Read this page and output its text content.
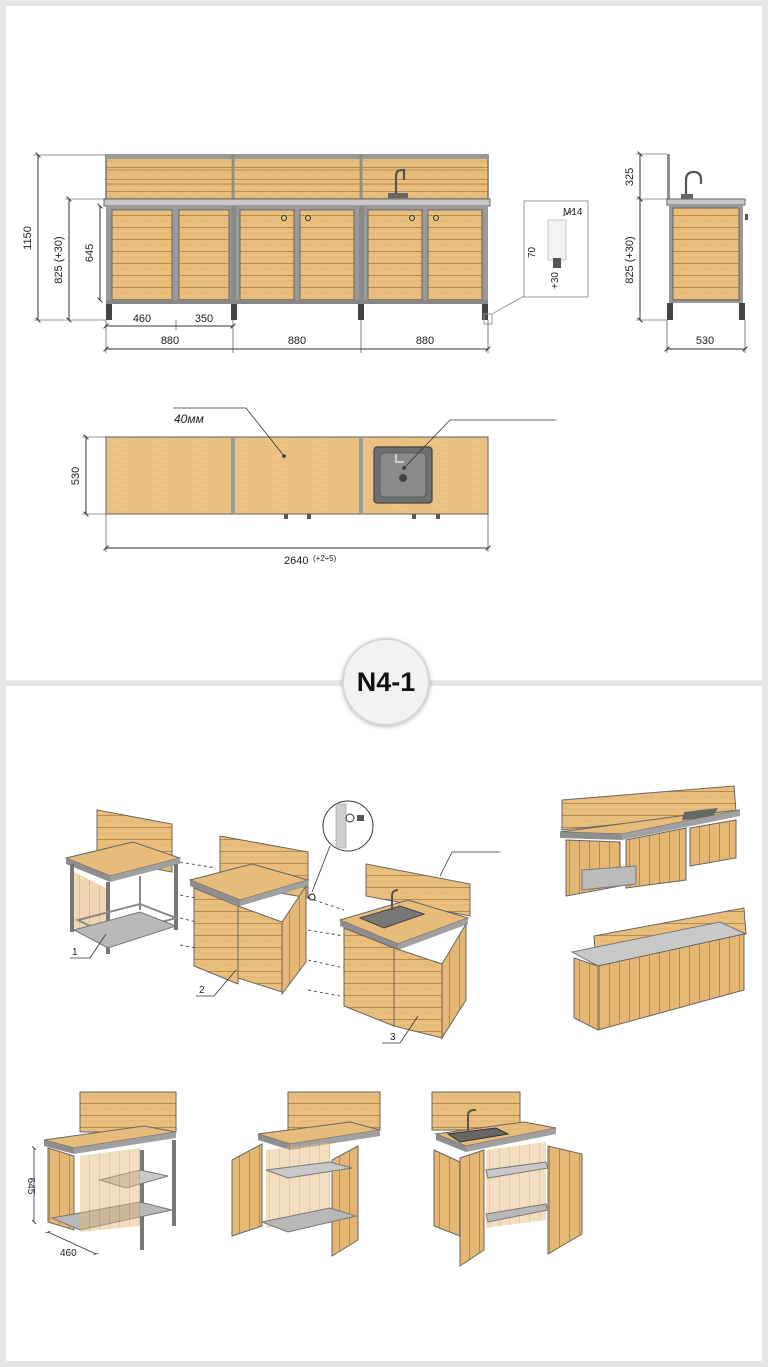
M14
70
+30
1150 825 (+30) 645
460	350
880	880	880
325
825 (+30)
530
40мм
530
2640 (+2÷5)
1
2
3
645
460
N4-1
